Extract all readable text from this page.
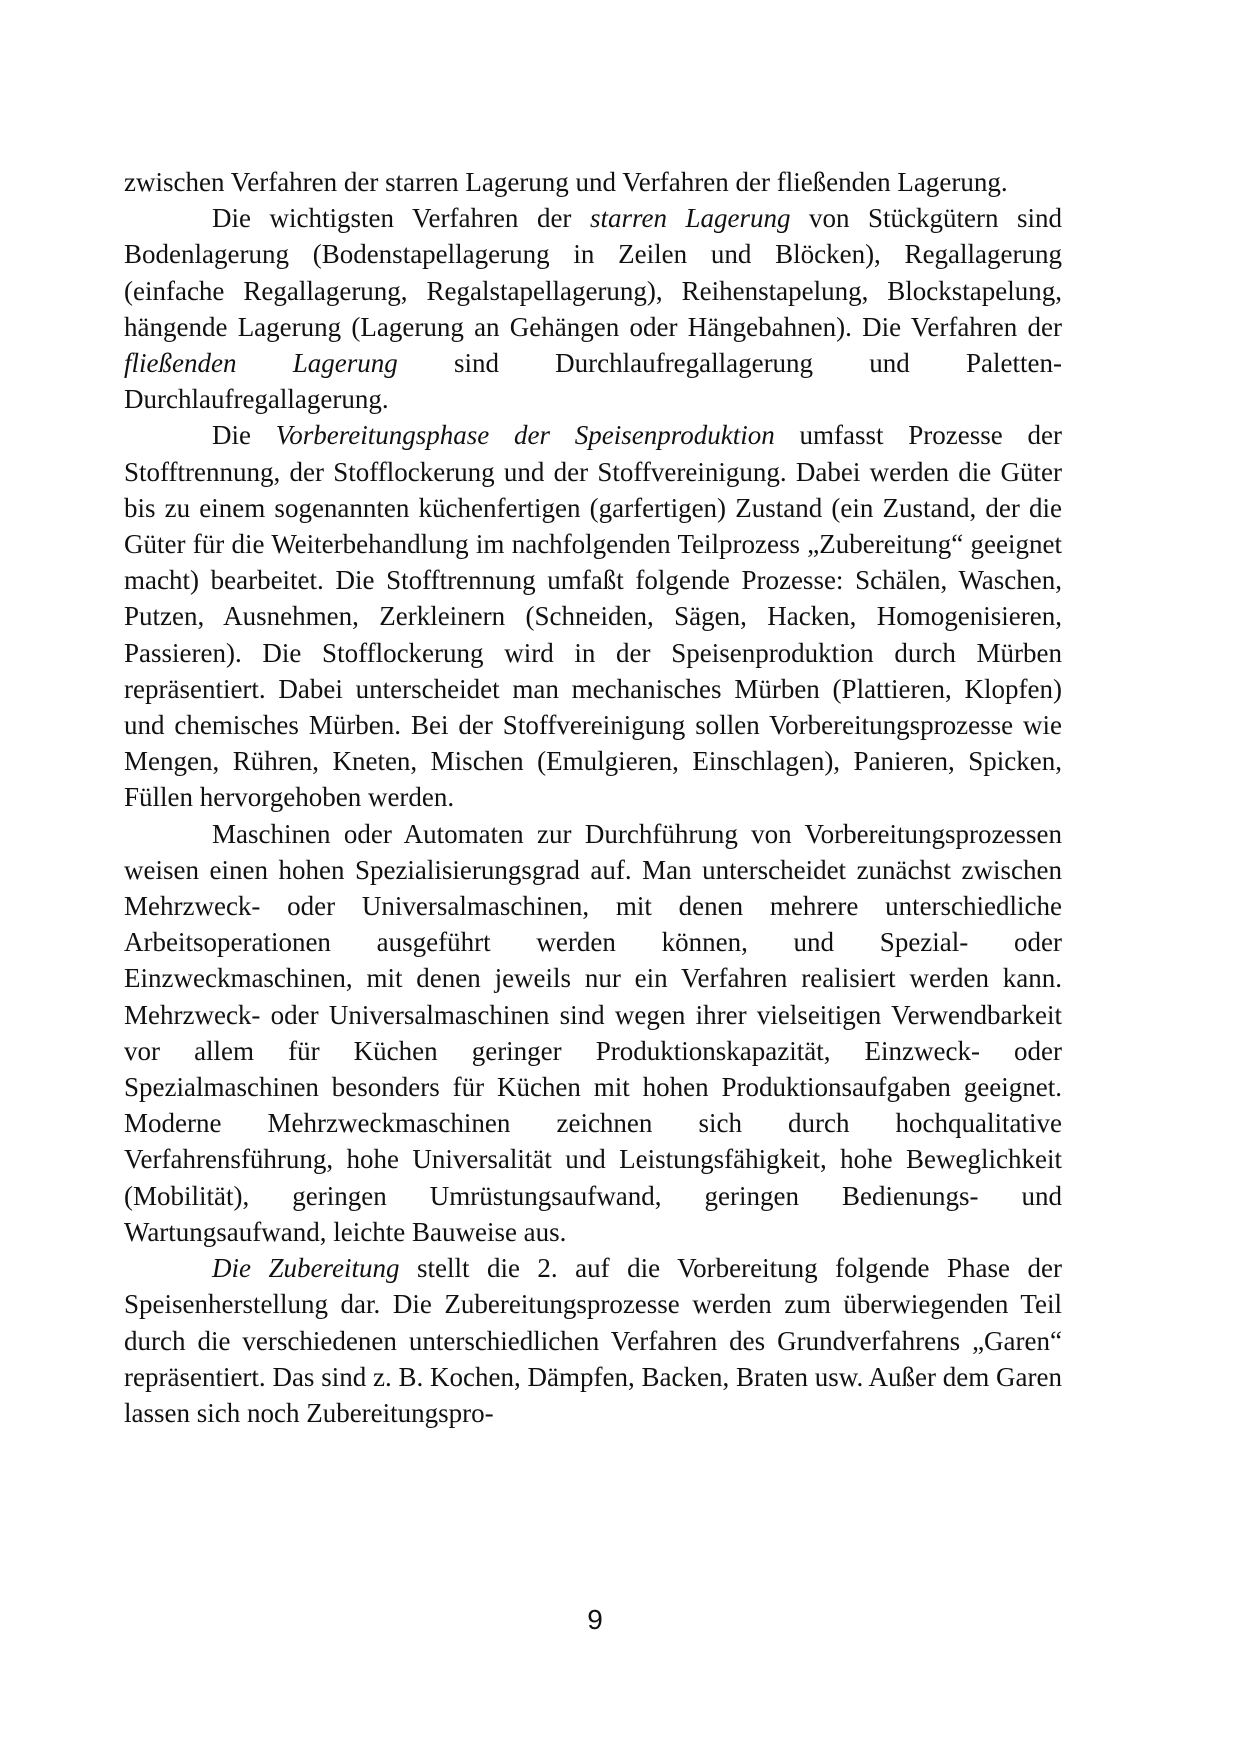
zwischen Verfahren der starren Lagerung und Verfahren der fließenden Lagerung.

Die wichtigsten Verfahren der starren Lagerung von Stückgütern sind Bodenlagerung (Bodenstapellagerung in Zeilen und Blöcken), Regallagerung (einfache Regallagerung, Regalstapellagerung), Reihenstapelung, Blockstapelung, hängende Lagerung (Lagerung an Gehängen oder Hängebahnen). Die Verfahren der fließenden Lagerung sind Durchlaufregallagerung und Paletten-Durchlaufregallagerung.

Die Vorbereitungsphase der Speisenproduktion umfasst Prozesse der Stofftrennung, der Stofflockerung und der Stoffvereinigung. Dabei werden die Güter bis zu einem sogenannten küchenfertigen (garfertigen) Zustand (ein Zustand, der die Güter für die Weiterbehandlung im nachfolgenden Teilprozess „Zubereitung“ geeignet macht) bearbeitet. Die Stofftrennung umfaßt folgende Prozesse: Schälen, Waschen, Putzen, Ausnehmen, Zerkleinern (Schneiden, Sägen, Hacken, Homogenisieren, Passieren). Die Stofflockerung wird in der Speisenproduktion durch Mürben repräsentiert. Dabei unterscheidet man mechanisches Mürben (Plattieren, Klopfen) und chemisches Mürben. Bei der Stoffvereinigung sollen Vorbereitungsprozesse wie Mengen, Rühren, Kneten, Mischen (Emulgieren, Einschlagen), Panieren, Spicken, Füllen hervorgehoben werden.

Maschinen oder Automaten zur Durchführung von Vorbereitungsprozessen weisen einen hohen Spezialisierungsgrad auf. Man unterscheidet zunächst zwischen Mehrzweck- oder Universalmaschinen, mit denen mehrere unterschiedliche Arbeitsoperationen ausgeführt werden können, und Spezial- oder Einzweckmaschinen, mit denen jeweils nur ein Verfahren realisiert werden kann. Mehrzweck- oder Universalmaschinen sind wegen ihrer vielseitigen Verwendbarkeit vor allem für Küchen geringer Produktionskapazität, Einzweck- oder Spezialmaschinen besonders für Küchen mit hohen Produktionsaufgaben geeignet. Moderne Mehrzweckmaschinen zeichnen sich durch hochqualitative Verfahrensführung, hohe Universalität und Leistungsfähigkeit, hohe Beweglichkeit (Mobilität), geringen Umrüstungsaufwand, geringen Bedienungs- und Wartungsaufwand, leichte Bauweise aus.

Die Zubereitung stellt die 2. auf die Vorbereitung folgende Phase der Speisenherstellung dar. Die Zubereitungsprozesse werden zum überwiegenden Teil durch die verschiedenen unterschiedlichen Verfahren des Grundverfahrens „Garen“ repräsentiert. Das sind z. B. Kochen, Dämpfen, Backen, Braten usw. Außer dem Garen lassen sich noch Zubereitungspro-

9
